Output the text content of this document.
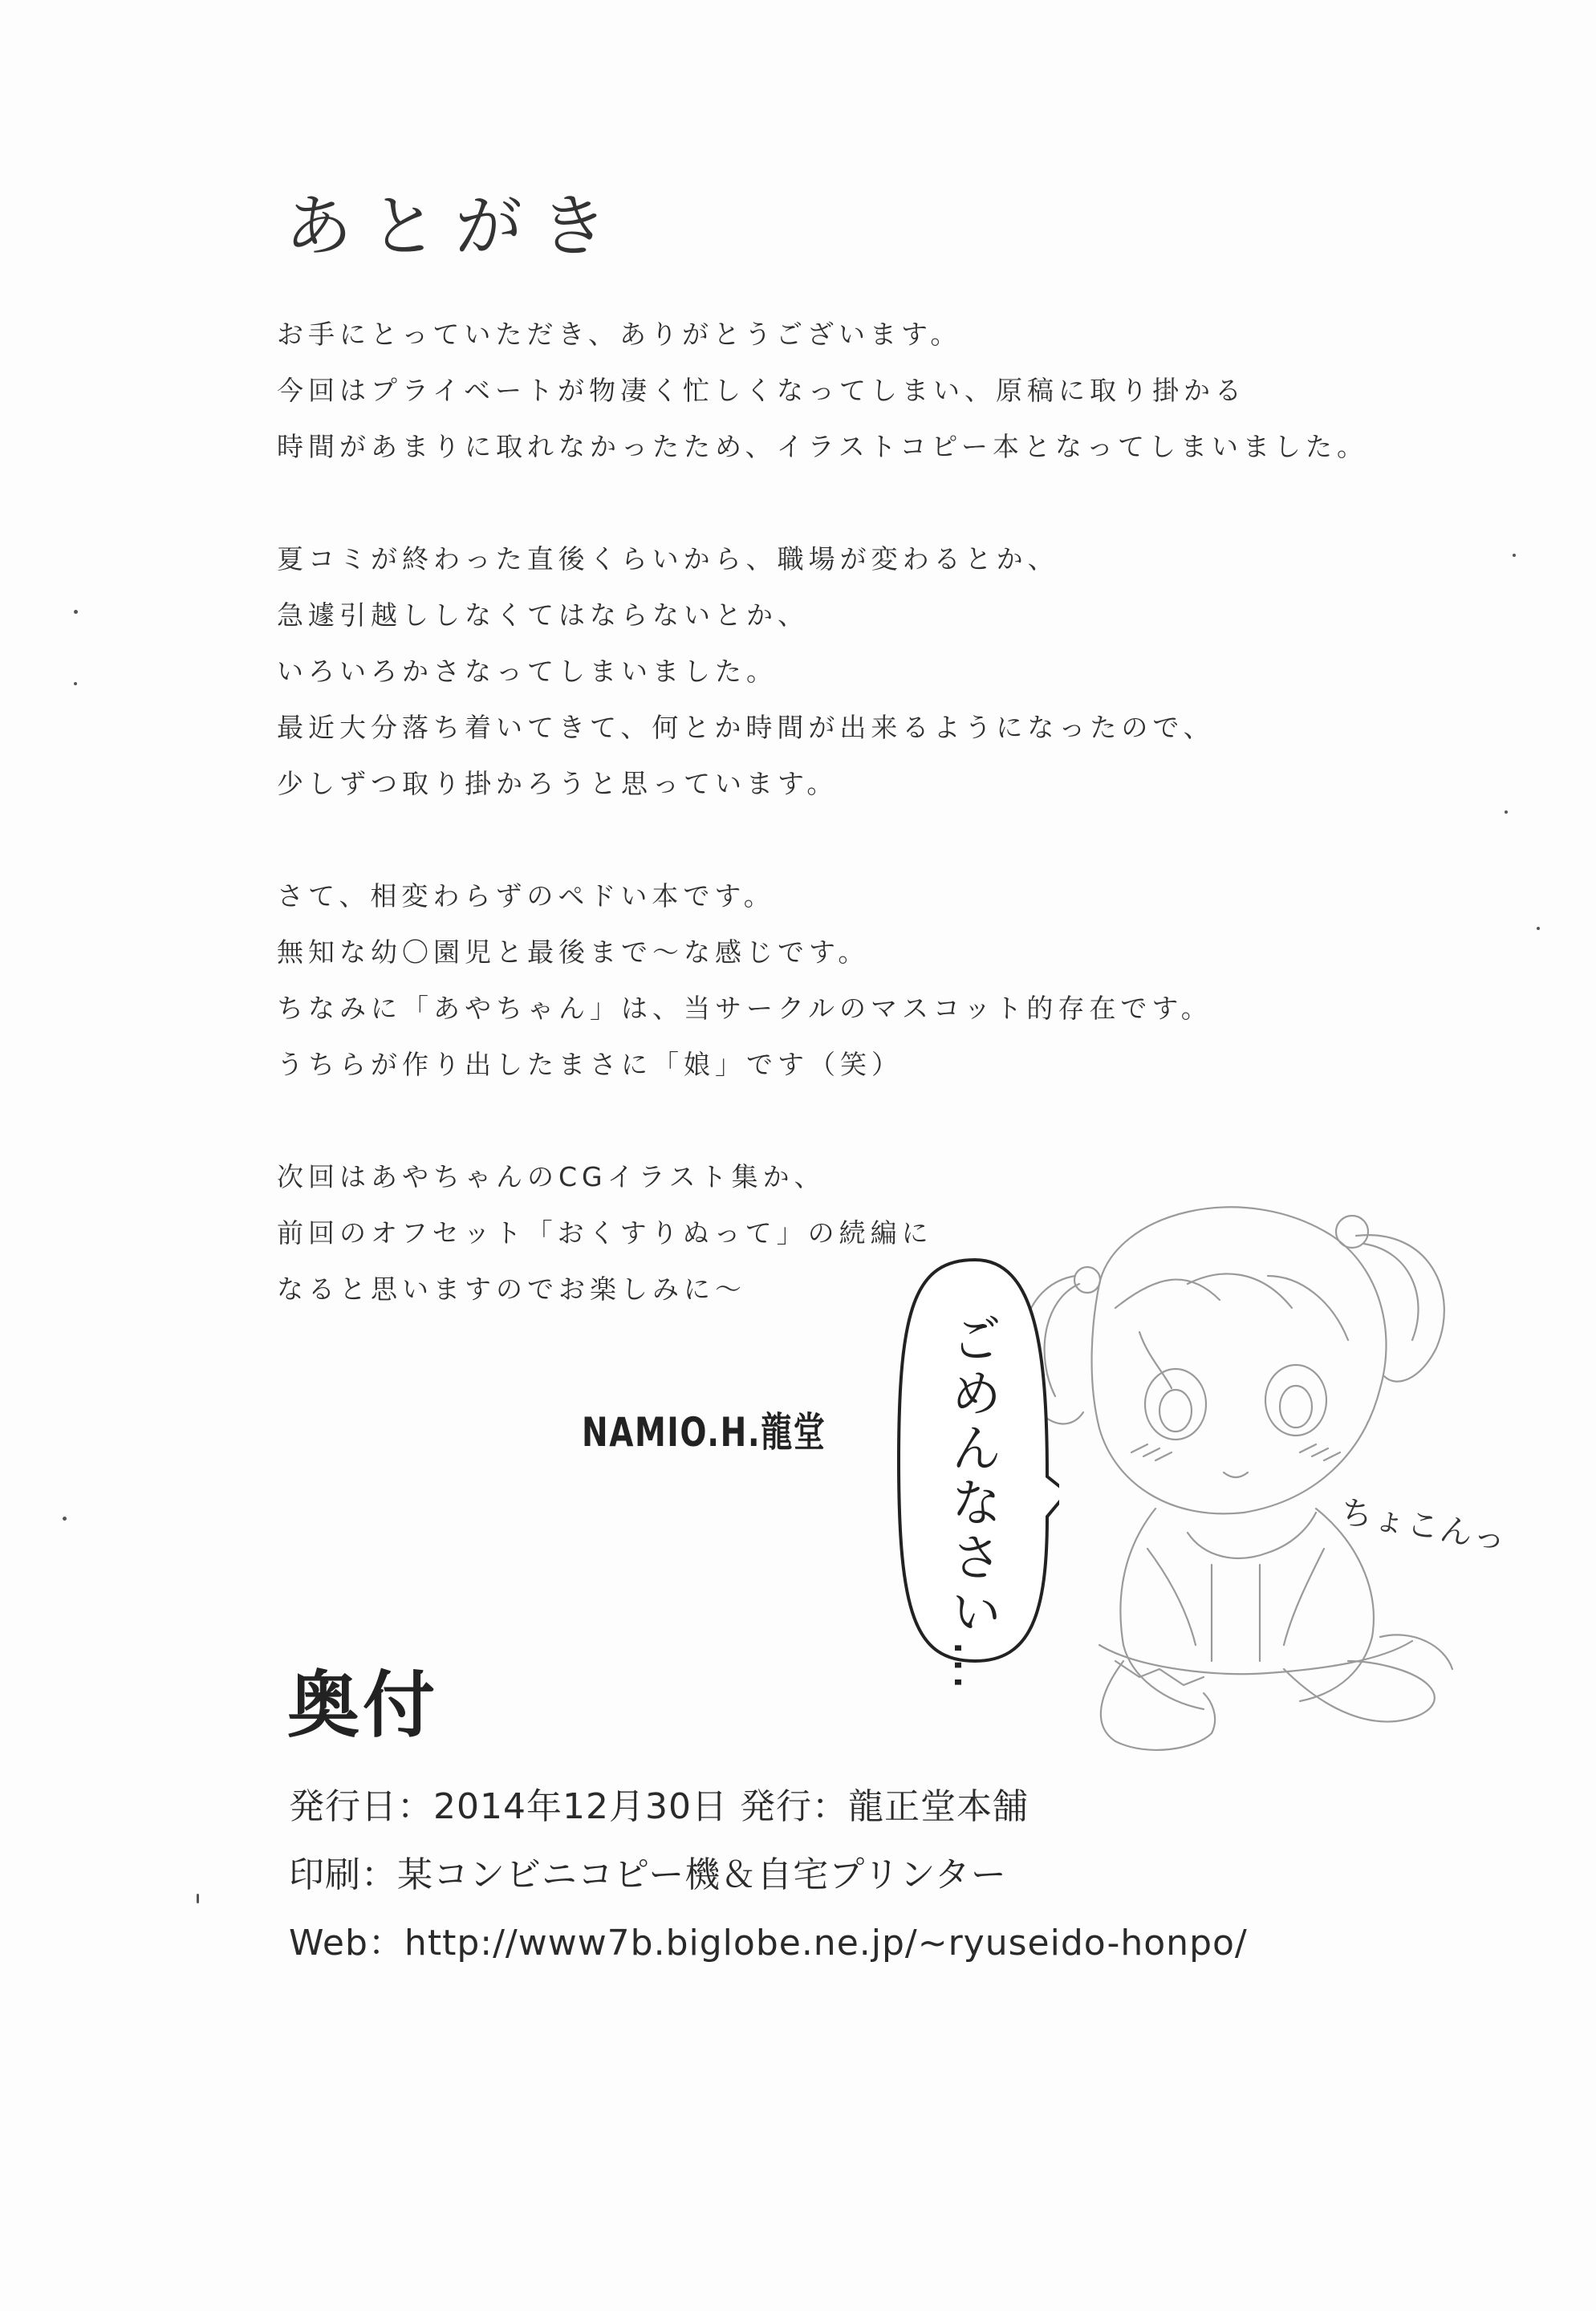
あとがき
お手にとっていただき、ありがとうございます。
今回はプライベートが物凄く忙しくなってしまい、原稿に取り掛かる
時間があまりに取れなかったため、イラストコピー本となってしまいました。
夏コミが終わった直後くらいから、職場が変わるとか、
急遽引越ししなくてはならないとか、
いろいろかさなってしまいました。
最近大分落ち着いてきて、何とか時間が出来るようになったので、
少しずつ取り掛かろうと思っています。
さて、相変わらずのペドい本です。
無知な幼〇園児と最後まで～な感じです。
ちなみに「あやちゃん」は、当サークルのマスコット的存在です。
うちらが作り出したまさに「娘」です（笑）
次回はあやちゃんのCGイラスト集か、
前回のオフセット「おくすりぬって」の続編に
なると思いますのでお楽しみに～
NAMIO.H.龍堂 ごめんなさい…	ちょこんっ
奥付
発行日：2014年12月30日 発行：龍正堂本舗
印刷：某コンビニコピー機＆自宅プリンター
Web：http://www7b.biglobe.ne.jp/~ryuseido-honpo/
